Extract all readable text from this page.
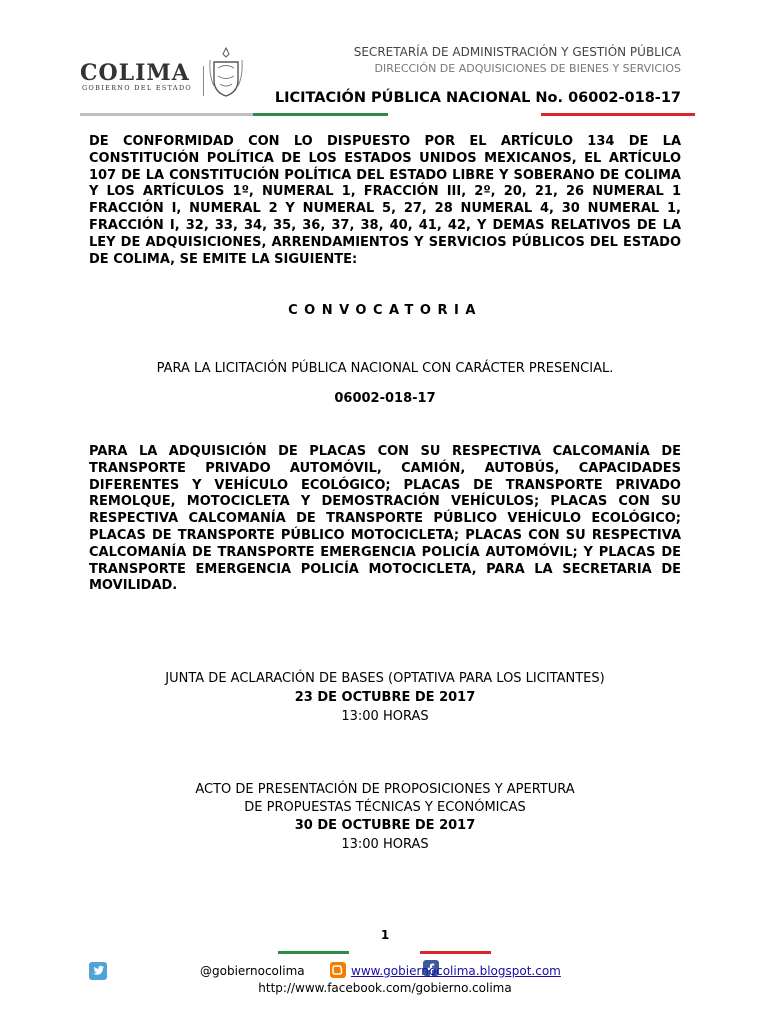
COLIMA
GOBIERNO DEL ESTADO
SECRETARÍA DE ADMINISTRACIÓN Y GESTIÓN PÚBLICA
DIRECCIÓN DE ADQUISICIONES DE BIENES Y SERVICIOS
LICITACIÓN PÚBLICA NACIONAL No. 06002-018-17

DE CONFORMIDAD CON LO DISPUESTO POR EL ARTÍCULO 134 DE LA CONSTITUCIÓN POLÍTICA DE LOS ESTADOS UNIDOS MEXICANOS, EL ARTÍCULO 107 DE LA CONSTITUCIÓN POLÍTICA DEL ESTADO LIBRE Y SOBERANO DE COLIMA Y LOS ARTÍCULOS 1º, NUMERAL 1, FRACCIÓN III, 2º, 20, 21, 26 NUMERAL 1 FRACCIÓN I, NUMERAL 2 Y NUMERAL 5, 27, 28 NUMERAL 4, 30 NUMERAL 1, FRACCIÓN I, 32, 33, 34, 35, 36, 37, 38, 40, 41, 42, Y DEMAS RELATIVOS DE LA LEY DE ADQUISICIONES, ARRENDAMIENTOS Y SERVICIOS PÚBLICOS DEL ESTADO DE COLIMA, SE EMITE LA SIGUIENTE:

CONVOCATORIA
PARA LA LICITACIÓN PÚBLICA NACIONAL CON CARÁCTER PRESENCIAL.
06002-018-17

PARA LA ADQUISICIÓN DE PLACAS CON SU RESPECTIVA CALCOMANÍA DE TRANSPORTE PRIVADO AUTOMÓVIL, CAMIÓN, AUTOBÚS, CAPACIDADES DIFERENTES Y VEHÍCULO ECOLÓGICO; PLACAS DE TRANSPORTE PRIVADO REMOLQUE, MOTOCICLETA Y DEMOSTRACIÓN VEHÍCULOS; PLACAS CON SU RESPECTIVA CALCOMANÍA DE TRANSPORTE PÚBLICO VEHÍCULO ECOLÓGICO; PLACAS DE TRANSPORTE PÚBLICO MOTOCICLETA; PLACAS CON SU RESPECTIVA CALCOMANÍA DE TRANSPORTE EMERGENCIA POLICÍA AUTOMÓVIL; Y PLACAS DE TRANSPORTE EMERGENCIA POLICÍA MOTOCICLETA, PARA LA SECRETARIA DE MOVILIDAD.

JUNTA DE ACLARACIÓN DE BASES (OPTATIVA PARA LOS LICITANTES)
23 DE OCTUBRE DE 2017
13:00 HORAS
ACTO DE PRESENTACIÓN DE PROPOSICIONES Y APERTURA
DE PROPUESTAS TÉCNICAS Y ECONÓMICAS
30 DE OCTUBRE DE 2017
13:00 HORAS
1
@gobiernocolima	www.gobiernocolima.blogspot.com
http://www.facebook.com/gobierno.colima
